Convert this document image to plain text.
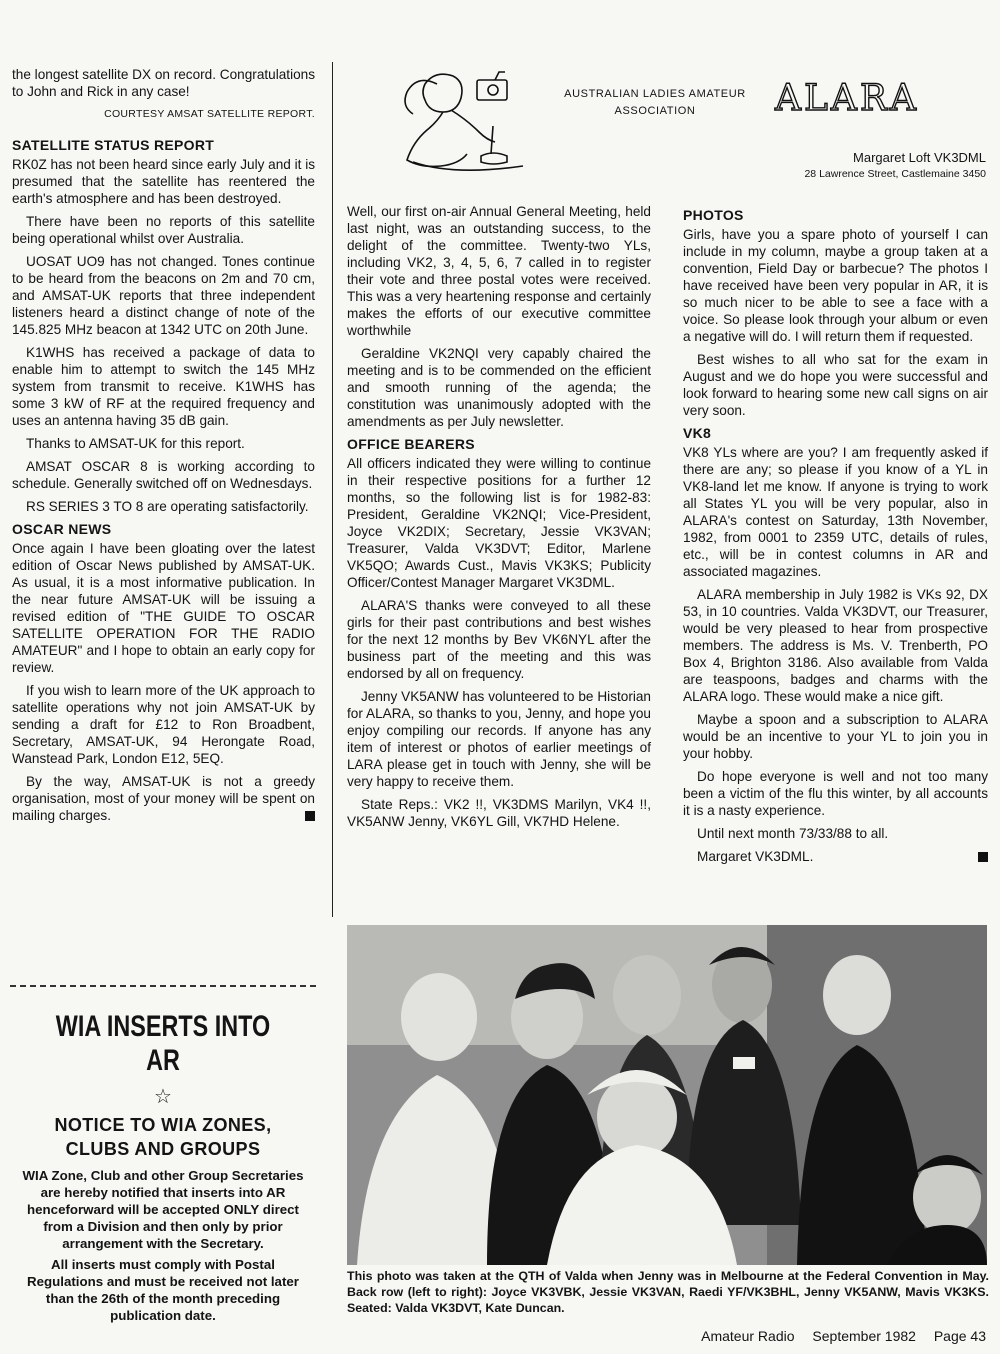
the longest satellite DX on record. Congratulations to John and Rick in any case!

COURTESY AMSAT SATELLITE REPORT.
SATELLITE STATUS REPORT

RK0Z has not been heard since early July and it is presumed that the satellite has reentered the earth's atmosphere and has been destroyed.

There have been no reports of this satellite being operational whilst over Australia.

UOSAT UO9 has not changed. Tones continue to be heard from the beacons on 2m and 70 cm, and AMSAT-UK reports that three independent listeners heard a distinct change of note of the 145.825 MHz beacon at 1342 UTC on 20th June.

K1WHS has received a package of data to enable him to attempt to switch the 145 MHz system from transmit to receive. K1WHS has some 3 kW of RF at the required frequency and uses an antenna having 35 dB gain.

Thanks to AMSAT-UK for this report.

AMSAT OSCAR 8 is working according to schedule. Generally switched off on Wednesdays.

RS SERIES 3 TO 8 are operating satisfactorily.

OSCAR NEWS

Once again I have been gloating over the latest edition of Oscar News published by AMSAT-UK. As usual, it is a most informative publication. In the near future AMSAT-UK will be issuing a revised edition of "THE GUIDE TO OSCAR SATELLITE OPERATION FOR THE RADIO AMATEUR" and I hope to obtain an early copy for review.

If you wish to learn more of the UK approach to satellite operations why not join AMSAT-UK by sending a draft for £12 to Ron Broadbent, Secretary, AMSAT-UK, 94 Herongate Road, Wanstead Park, London E12, 5EQ.

By the way, AMSAT-UK is not a greedy organisation, most of your money will be spent on mailing charges.

WIA INSERTS INTO AR
☆
NOTICE TO WIA ZONES,
CLUBS AND GROUPS

WIA Zone, Club and other Group Secretaries are hereby notified that inserts into AR henceforward will be accepted ONLY direct from a Division and then only by prior arrangement with the Secretary.

All inserts must comply with Postal Regulations and must be received not later than the 26th of the month preceding publication date.

AUSTRALIAN LADIES AMATEUR
ASSOCIATION	ALARA
Margaret Loft VK3DML
28 Lawrence Street, Castlemaine 3450

Well, our first on-air Annual General Meeting, held last night, was an outstanding success, to the delight of the committee. Twenty-two YLs, including VK2, 3, 4, 5, 6, 7 called in to register their vote and three postal votes were received. This was a very heartening response and certainly makes the efforts of our executive committee worthwhile

Geraldine VK2NQI very capably chaired the meeting and is to be commended on the efficient and smooth running of the agenda; the constitution was unanimously adopted with the amendments as per July newsletter.

OFFICE BEARERS

All officers indicated they were willing to continue in their respective positions for a further 12 months, so the following list is for 1982-83: President, Geraldine VK2NQI; Vice-President, Joyce VK2DIX; Secretary, Jessie VK3VAN; Treasurer, Valda VK3DVT; Editor, Marlene VK5QO; Awards Cust., Mavis VK3KS; Publicity Officer/Contest Manager Margaret VK3DML.

ALARA'S thanks were conveyed to all these girls for their past contributions and best wishes for the next 12 months by Bev VK6NYL after the business part of the meeting and this was endorsed by all on frequency.

Jenny VK5ANW has volunteered to be Historian for ALARA, so thanks to you, Jenny, and hope you enjoy compiling our records. If anyone has any item of interest or photos of earlier meetings of LARA please get in touch with Jenny, she will be very happy to receive them.

State Reps.: VK2 !!, VK3DMS Marilyn, VK4 !!, VK5ANW Jenny, VK6YL Gill, VK7HD Helene.

PHOTOS

Girls, have you a spare photo of yourself I can include in my column, maybe a group taken at a convention, Field Day or barbecue? The photos I have received have been very popular in AR, it is so much nicer to be able to see a face with a voice. So please look through your album or even a negative will do. I will return them if requested.

Best wishes to all who sat for the exam in August and we do hope you were successful and look forward to hearing some new call signs on air very soon.

VK8

VK8 YLs where are you? I am frequently asked if there are any; so please if you know of a YL in VK8-land let me know. If anyone is trying to work all States YL you will be very popular, also in ALARA's contest on Saturday, 13th November, 1982, from 0001 to 2359 UTC, details of rules, etc., will be in contest columns in AR and associated magazines.

ALARA membership in July 1982 is VKs 92, DX 53, in 10 countries. Valda VK3DVT, our Treasurer, would be very pleased to hear from prospective members. The address is Ms. V. Trenberth, PO Box 4, Brighton 3186. Also available from Valda are teaspoons, badges and charms with the ALARA logo. These would make a nice gift.

Maybe a spoon and a subscription to ALARA would be an incentive to your YL to join you in your hobby.

Do hope everyone is well and not too many been a victim of the flu this winter, by all accounts it is a nasty experience.

Until next month 73/33/88 to all.

Margaret VK3DML.

This photo was taken at the QTH of Valda when Jenny was in Melbourne at the Federal Convention in May. Back row (left to right): Joyce VK3VBK, Jessie VK3VAN, Raedi YF/VK3BHL, Jenny VK5ANW, Mavis VK3KS. Seated: Valda VK3DVT, Kate Duncan.
Amateur Radio September 1982 Page 43
